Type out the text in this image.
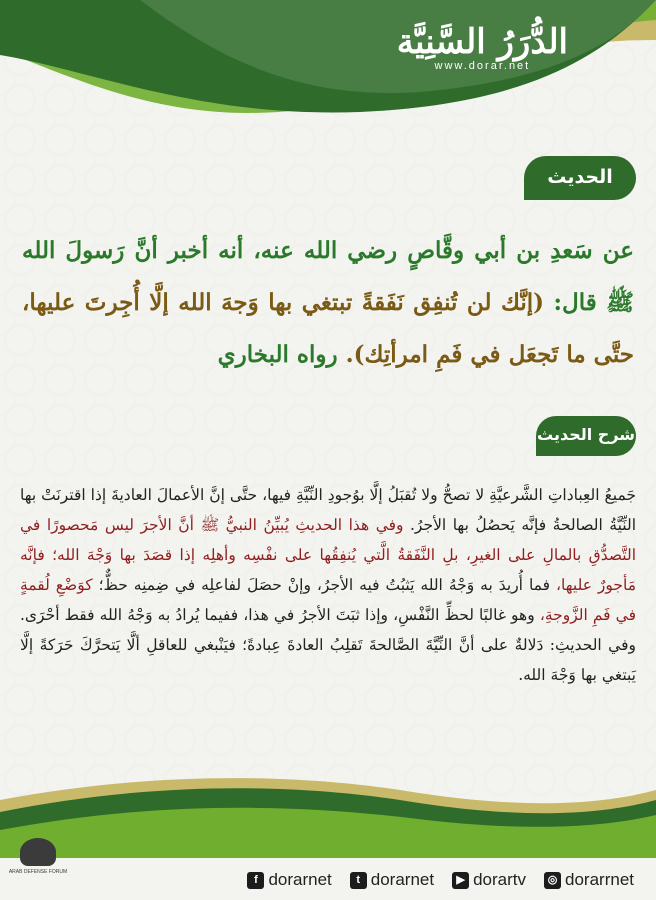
الدُّرَرُ السَّنِيَّة
www.dorar.net
الحديث
عن سَعدِ بن أبي وقَّاصٍ رضي الله عنه، أنه أخبر أنَّ رَسولَ الله ﷺ قال: (إنَّك لن تُنفِق نَفَقةً تبتغي بها وَجهَ الله إلَّا أُجِرتَ عليها، حتَّى ما تَجعَل في فَمِ امرأتِك). رواه البخاري
شرح الحديث
جَميعُ العِباداتِ الشَّرعيَّةِ لا تصحُّ ولا تُقبَلُ إلَّا بوُجودِ النِّيَّةِ فيها، حتَّى إنَّ الأعمالَ العاديةَ إذا اقترنَتْ بها النِّيَّةُ الصالحةُ فإنَّه يَحصُلُ بها الأجرُ. وفي هذا الحديثِ يُبيِّنُ النبيُّ ﷺ أنَّ الأجرَ ليس مَحصورًا في التَّصدُّقِ بالمالِ على الغيرِ، بلِ النَّفَقةُ الَّتي يُنفِقُها على نفْسِه وأهلِه إذا قصَدَ بها وَجْهَ الله؛ فإنَّه مَأجورٌ عليها، فما أُريدَ به وَجْهُ الله يَثبُتُ فيه الأجرُ، وإنْ حصَلَ لفاعلِه في ضِمنِه حظٌّ؛ كوَضْعِ لُقمةٍ في فَمِ الزَّوجةِ، وهو غالبًا لحظِّ النَّفْسِ، وإذا ثبَتَ الأجرُ في هذا، ففيما يُرادُ به وَجْهُ الله فقط أحْرَى. وفي الحديثِ: دَلالةٌ على أنَّ النِّيَّةَ الصَّالحةَ تَقلِبُ العادةَ عِبادةً؛ فيَنْبغي للعاقلِ ألَّا يَتحرَّكَ حَرَكةً إلَّا يَبتغي بها وَجْهَ الله.
ARAB DEFENSE FORUM
f dorarnet	t dorarnet	▶ dorartv	◎ dorarrnet
